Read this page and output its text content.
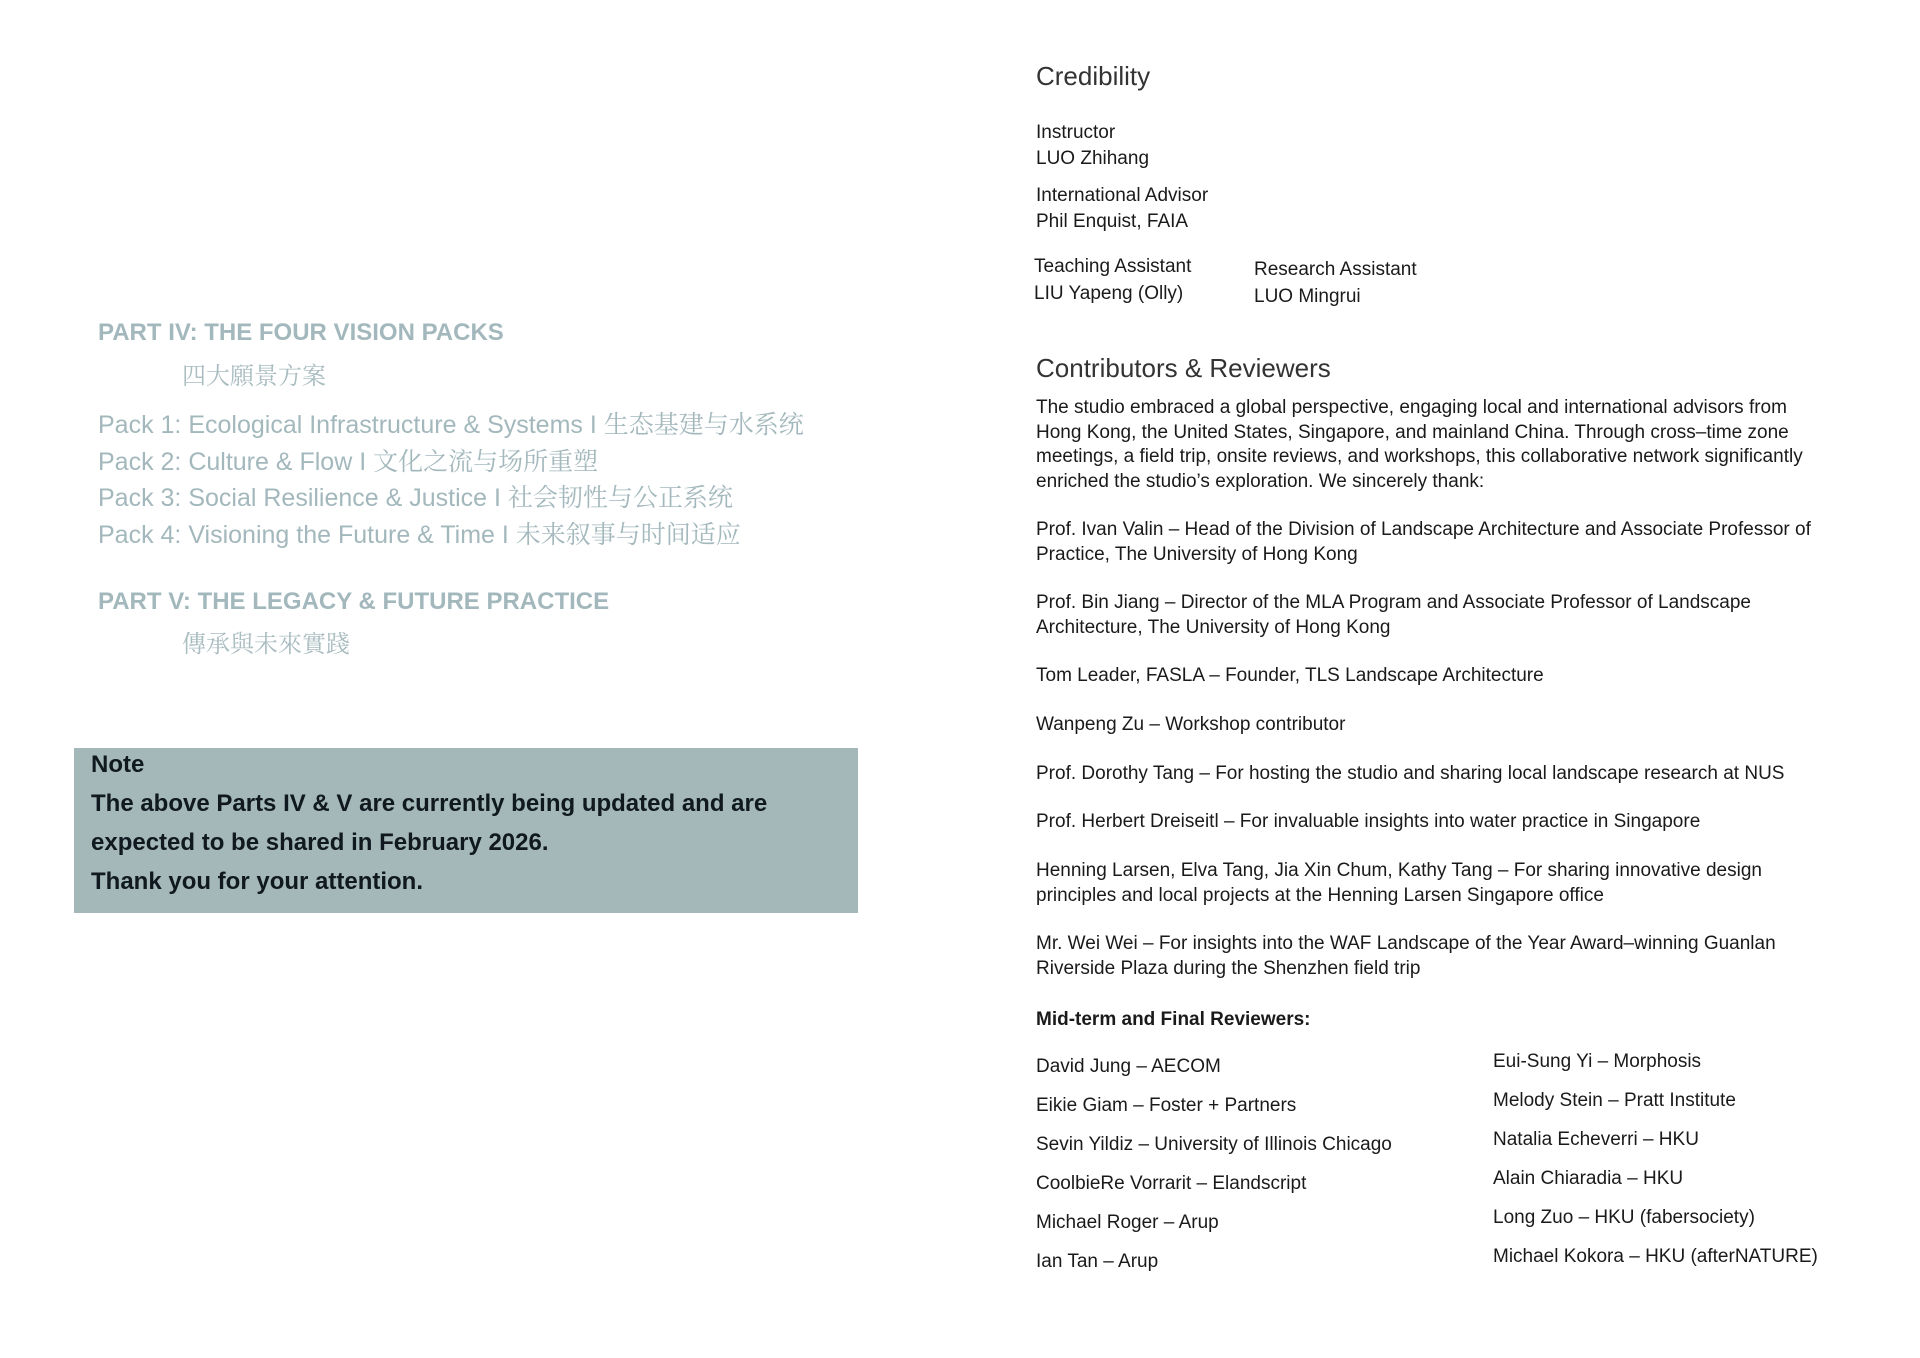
PART IV: THE FOUR VISION PACKS
四大願景方案
Pack 1: Ecological Infrastructure & Systems I 生态基建与水系统
Pack 2: Culture & Flow I 文化之流与场所重塑
Pack 3: Social Resilience & Justice I 社会韧性与公正系统
Pack 4: Visioning the Future & Time I 未来叙事与时间适应
PART V: THE LEGACY & FUTURE PRACTICE
傳承與未來實踐
Note
The above Parts IV & V are currently being updated and are
expected to be shared in February 2026.
Thank you for your attention.
Credibility
Instructor
LUO Zhihang
International Advisor
Phil Enquist, FAIA
Teaching Assistant
LIU Yapeng (Olly)
Research Assistant
LUO Mingrui
Contributors & Reviewers
The studio embraced a global perspective, engaging local and international advisors from
Hong Kong, the United States, Singapore, and mainland China. Through cross–time zone
meetings, a field trip, onsite reviews, and workshops, this collaborative network significantly
enriched the studio’s exploration. We sincerely thank:
Prof. Ivan Valin – Head of the Division of Landscape Architecture and Associate Professor of
Practice, The University of Hong Kong
Prof. Bin Jiang – Director of the MLA Program and Associate Professor of Landscape
Architecture, The University of Hong Kong
Tom Leader, FASLA – Founder, TLS Landscape Architecture
Wanpeng Zu – Workshop contributor
Prof. Dorothy Tang – For hosting the studio and sharing local landscape research at NUS
Prof. Herbert Dreiseitl – For invaluable insights into water practice in Singapore
Henning Larsen, Elva Tang, Jia Xin Chum, Kathy Tang – For sharing innovative design
principles and local projects at the Henning Larsen Singapore office
Mr. Wei Wei – For insights into the WAF Landscape of the Year Award–winning Guanlan
Riverside Plaza during the Shenzhen field trip
Mid-term and Final Reviewers:
David Jung – AECOM
Eikie Giam – Foster + Partners
Sevin Yildiz – University of Illinois Chicago
CoolbieRe Vorrarit – Elandscript
Michael Roger – Arup
Ian Tan – Arup
Eui-Sung Yi – Morphosis
Melody Stein – Pratt Institute
Natalia Echeverri – HKU
Alain Chiaradia – HKU
Long Zuo – HKU (fabersociety)
Michael Kokora – HKU (afterNATURE)
